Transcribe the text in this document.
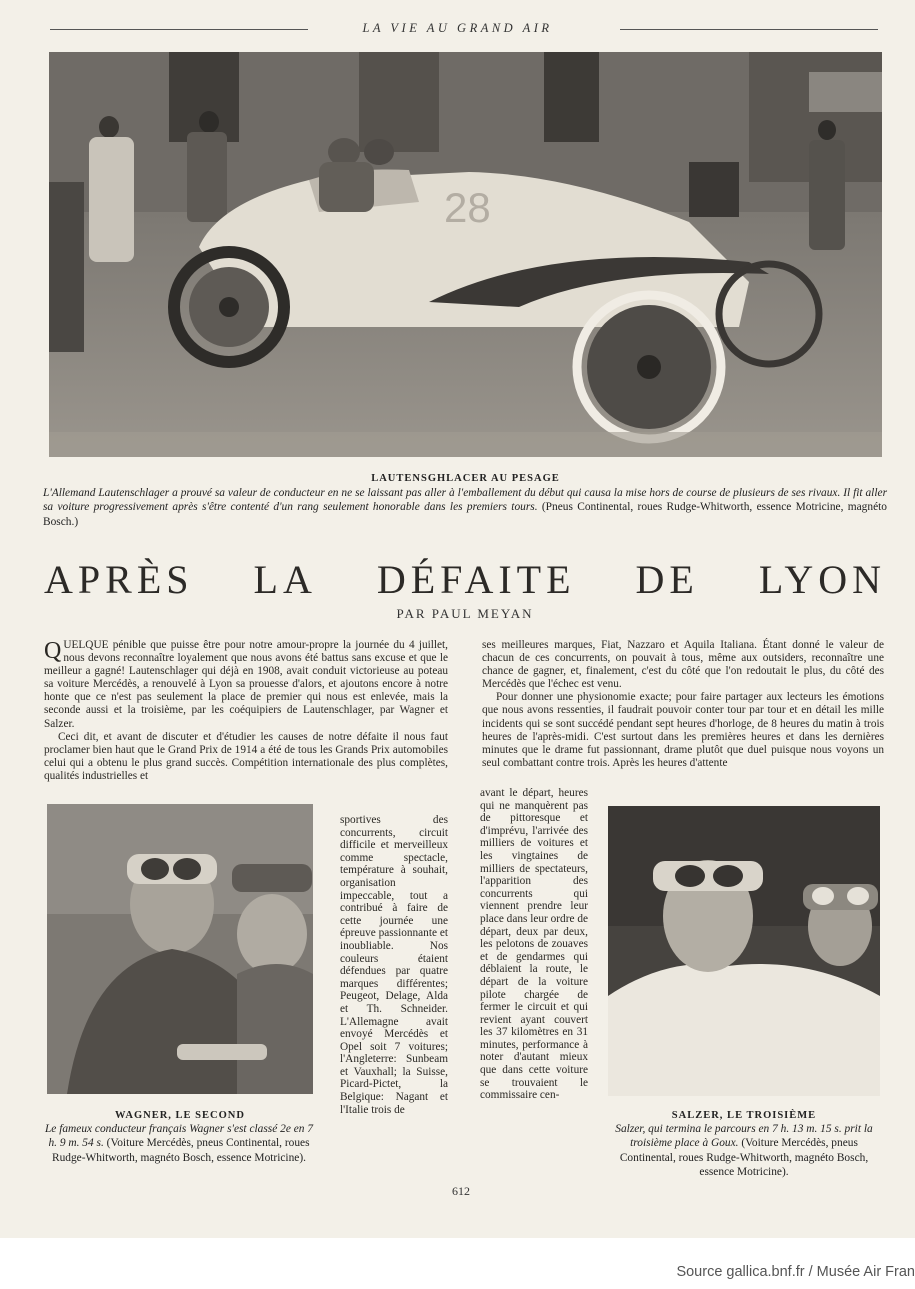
LA VIE AU GRAND AIR
28
LAUTENSGHLACER AU PESAGE
L'Allemand Lautenschlager a prouvé sa valeur de conducteur en ne se laissant pas aller à l'emballement du début qui causa la mise hors de course de plusieurs de ses rivaux. Il fit aller sa voiture progressivement après s'être contenté d'un rang seulement honorable dans les premiers tours. (Pneus Continental, roues Rudge-Whitworth, essence Motricine, magnéto Bosch.)
APRÈS LA DÉFAITE DE LYON
PAR PAUL MEYAN

QUELQUE pénible que puisse être pour notre amour-propre la journée du 4 juillet, nous devons reconnaître loyalement que nous avons été battus sans excuse et que le meilleur a gagné! Lautenschlager qui déjà en 1908, avait conduit victorieuse au poteau sa voiture Mercédès, a renouvelé à Lyon sa prouesse d'alors, et ajoutons encore à notre honte que ce n'est pas seulement la place de premier qui nous est enlevée, mais la seconde aussi et la troisième, par les coéquipiers de Lautenschlager, par Wagner et Salzer.

Ceci dit, et avant de discuter et d'étudier les causes de notre défaite il nous faut proclamer bien haut que le Grand Prix de 1914 a été de tous les Grands Prix automobiles celui qui a obtenu le plus grand succès. Compétition internationale des plus complètes, qualités industrielles et

ses meilleures marques, Fiat, Nazzaro et Aquila Italiana. Étant donné le valeur de chacun de ces concurrents, on pouvait à tous, même aux outsiders, reconnaître une chance de gagner, et, finalement, c'est du côté que l'on redoutait le plus, du côté des Mercédès que l'échec est venu.

Pour donner une physionomie exacte; pour faire partager aux lecteurs les émotions que nous avons ressenties, il faudrait pouvoir conter tour par tour et en détail les mille incidents qui se sont succédé pendant sept heures d'horloge, de 8 heures du matin à trois heures de l'après-midi. C'est surtout dans les premières heures et dans les dernières minutes que le drame fut passionnant, drame plutôt que duel puisque nous voyons un seul combattant contre trois. Après les heures d'attente

WAGNER, LE SECOND
Le fameux conducteur français Wagner s'est classé 2e en 7 h. 9 m. 54 s. (Voiture Mercédès, pneus Continental, roues Rudge-Whitworth, magnéto Bosch, essence Motricine).
sportives des concurrents, circuit difficile et merveilleux comme spectacle, température à souhait, organisation impeccable, tout a contribué à faire de cette journée une épreuve passionnante et inoubliable. Nos couleurs étaient défendues par quatre marques différentes; Peugeot, Delage, Alda et Th. Schneider. L'Allemagne avait envoyé Mercédès et Opel soit 7 voitures; l'Angleterre: Sunbeam et Vauxhall; la Suisse, Picard-Pictet, la Belgique: Nagant et l'Italie trois de
avant le départ, heures qui ne manquèrent pas de pittoresque et d'imprévu, l'arrivée des milliers de voitures et les vingtaines de milliers de spectateurs, l'apparition des concurrents qui viennent prendre leur place dans leur ordre de départ, deux par deux, les pelotons de zouaves et de gendarmes qui déblaient la route, le départ de la voiture pilote chargée de fermer le circuit et qui revient ayant couvert les 37 kilomètres en 31 minutes, performance à noter d'autant mieux que dans cette voiture se trouvaient le commissaire cen-
SALZER, LE TROISIÈME
Salzer, qui termina le parcours en 7 h. 13 m. 15 s. prit la troisième place à Goux. (Voiture Mercédès, pneus Continental, roues Rudge-Whitworth, magnéto Bosch, essence Motricine).
612
Source gallica.bnf.fr / Musée Air Fran
